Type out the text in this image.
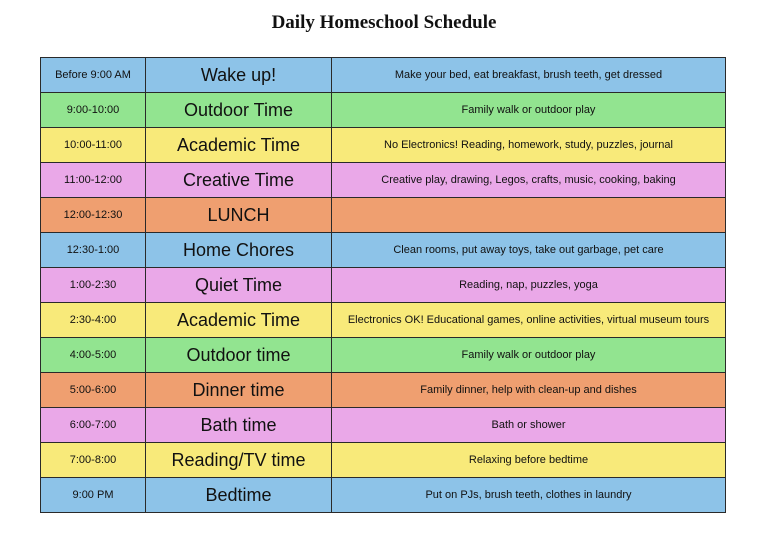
Daily Homeschool Schedule
Before 9:00 AM	Wake up!	Make your bed, eat breakfast, brush teeth, get dressed
9:00-10:00	Outdoor Time	Family walk or outdoor play
10:00-11:00	Academic Time	No Electronics! Reading, homework, study, puzzles, journal
11:00-12:00	Creative Time	Creative play, drawing, Legos, crafts, music, cooking, baking
12:00-12:30	LUNCH	
12:30-1:00	Home Chores	Clean rooms, put away toys, take out garbage, pet care
1:00-2:30	Quiet Time	Reading, nap, puzzles, yoga
2:30-4:00	Academic Time	Electronics OK! Educational games, online activities, virtual museum tours
4:00-5:00	Outdoor time	Family walk or outdoor play
5:00-6:00	Dinner time	Family dinner, help with clean-up and dishes
6:00-7:00	Bath time	Bath or shower
7:00-8:00	Reading/TV time	Relaxing before bedtime
9:00 PM	Bedtime	Put on PJs, brush teeth, clothes in laundry
